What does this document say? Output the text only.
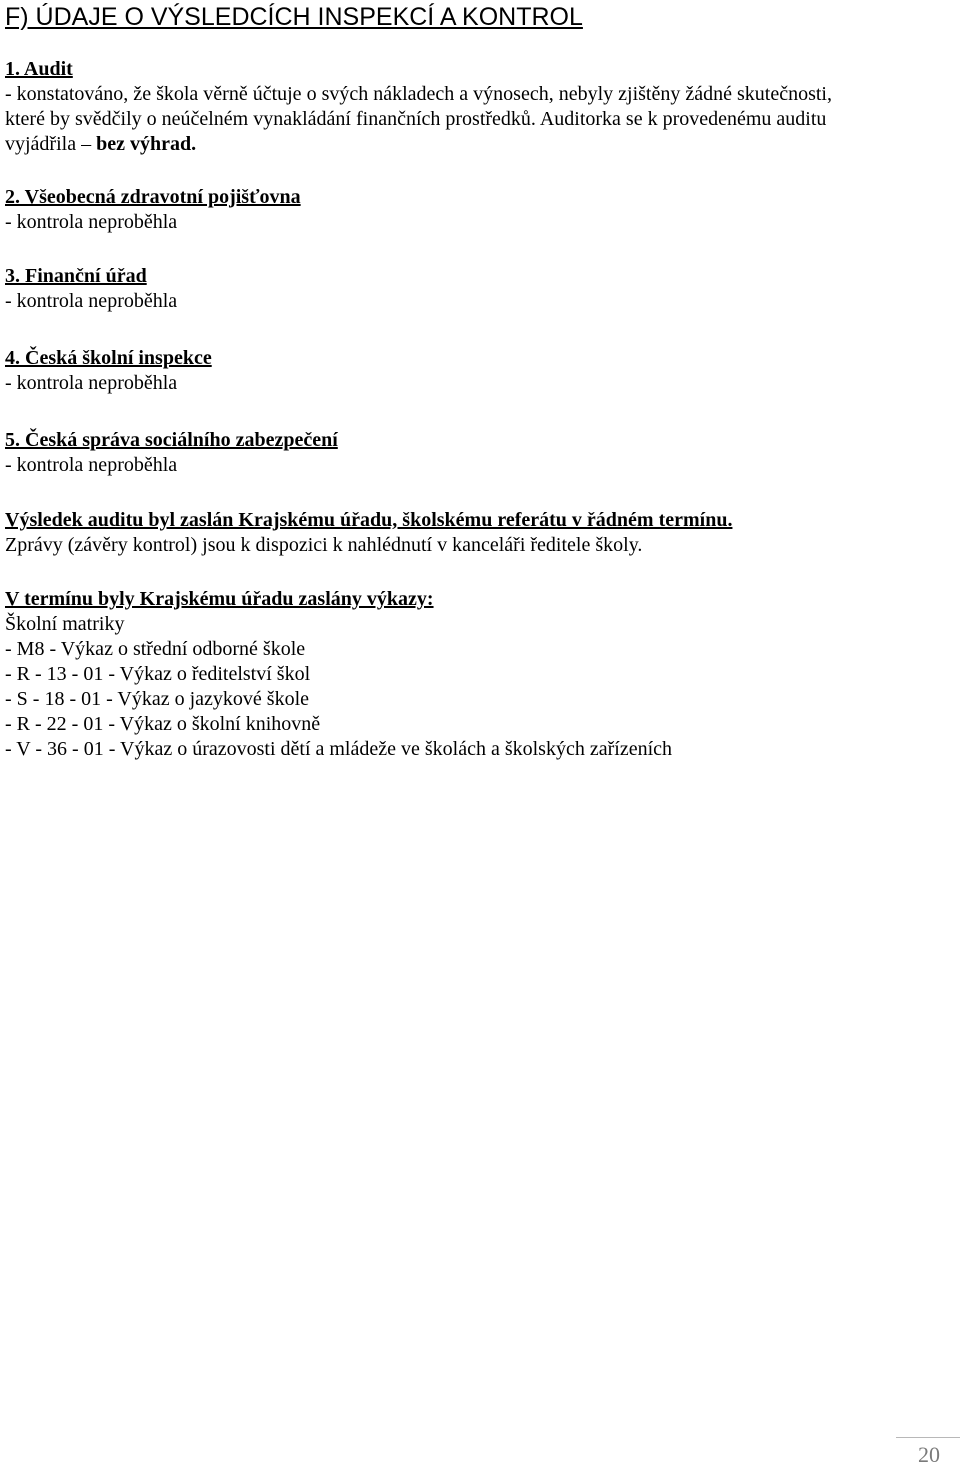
F) ÚDAJE O VÝSLEDCÍCH INSPEKCÍ A KONTROL
1. Audit
- konstatováno, že škola věrně účtuje o svých nákladech a výnosech, nebyly zjištěny žádné skutečnosti,
které by svědčily o neúčelném vynakládání finančních prostředků. Auditorka se k provedenému auditu
vyjádřila – bez výhrad.
2. Všeobecná zdravotní pojišťovna
- kontrola neproběhla
3. Finanční úřad
- kontrola neproběhla
4. Česká školní inspekce
- kontrola neproběhla
5. Česká správa sociálního zabezpečení
- kontrola neproběhla
Výsledek auditu byl zaslán Krajskému úřadu, školskému referátu v řádném termínu.
Zprávy (závěry kontrol) jsou k dispozici k nahlédnutí v kanceláři ředitele školy.
V termínu byly Krajskému úřadu zaslány výkazy:
Školní matriky
- M8 - Výkaz o střední odborné škole
- R - 13 - 01 - Výkaz o ředitelství škol
- S - 18 - 01 - Výkaz o jazykové škole
- R - 22 - 01 - Výkaz o školní knihovně
- V - 36 - 01 - Výkaz o úrazovosti dětí a mládeže ve školách a školských zařízeních
20
